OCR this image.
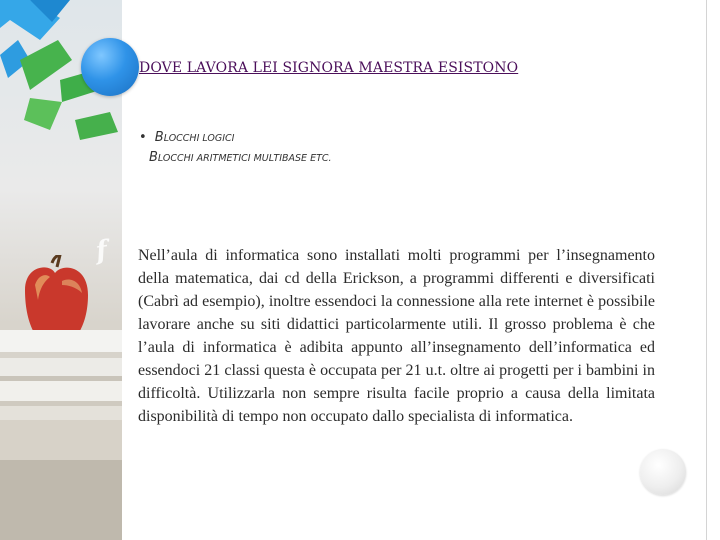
f
DOVE LAVORA LEI SIGNORA MAESTRA ESISTONO
• BLOCCHI LOGICI
BLOCCHI ARITMETICI MULTIBASE ETC.
Nell’aula di informatica sono installati molti programmi per l’insegnamento della matematica, dai cd della Erickson, a programmi differenti e diversificati (Cabrì ad esempio), inoltre essendoci la connessione alla rete internet è possibile lavorare anche su siti didattici particolarmente utili. Il grosso problema è che l’aula di informatica è adibita appunto all’insegnamento dell’informatica ed essendoci 21 classi questa è occupata per 21 u.t. oltre ai progetti per i bambini in difficoltà. Utilizzarla non sempre risulta facile proprio a causa della limitata disponibilità di tempo non occupato dallo specialista di informatica.
